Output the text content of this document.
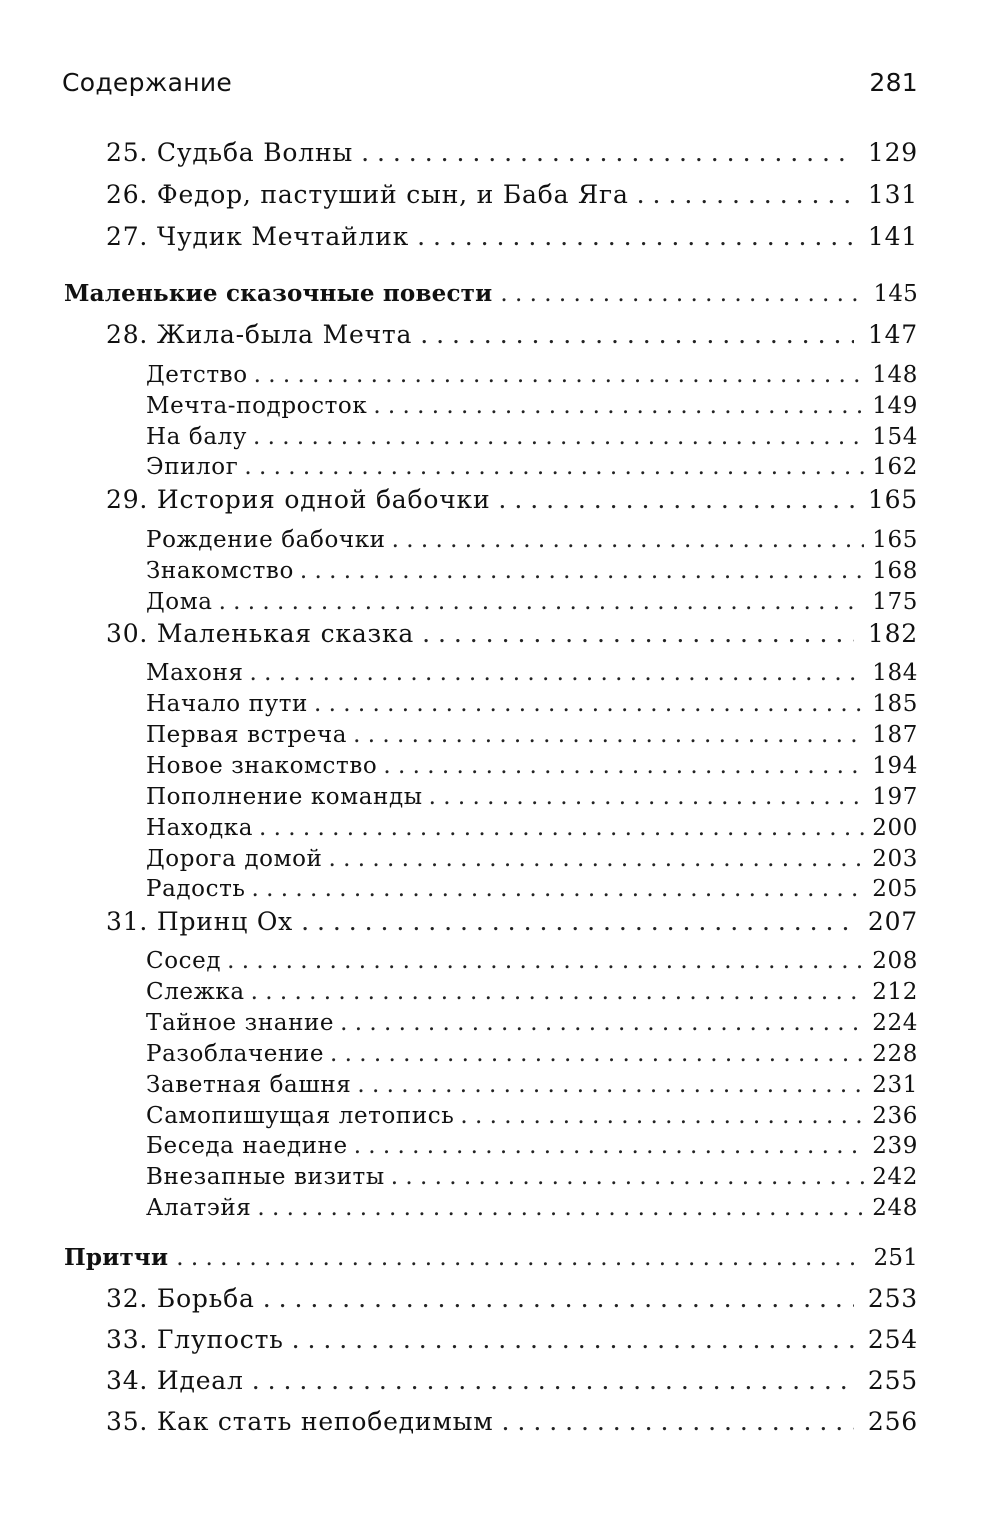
Содержание	281
25. Судьба Волны . . .	129
26. Федор, пастуший сын, и Баба Яга . . .	131
27. Чудик Мечтайлик . . .	141
Маленькие сказочные повести . . .	145
28. Жила-была Мечта . . .	147
Детство . . .	148
Мечта-подросток . . .	149
На балу . . .	154
Эпилог . . .	162
29. История одной бабочки . . .	165
Рождение бабочки . . .	165
Знакомство . . .	168
Дома . . .	175
30. Маленькая сказка . . .	182
Махоня . . .	184
Начало пути . . .	185
Первая встреча . . .	187
Новое знакомство . . .	194
Пополнение команды . . .	197
Находка . . .	200
Дорога домой . . .	203
Радость . . .	205
31. Принц Ох . . .	207
Сосед . . .	208
Слежка . . .	212
Тайное знание . . .	224
Разоблачение . . .	228
Заветная башня . . .	231
Самопишущая летопись . . .	236
Беседа наедине . . .	239
Внезапные визиты . . .	242
Алатэйя . . .	248
Притчи . . .	251
32. Борьба . . .	253
33. Глупость . . .	254
34. Идеал . . .	255
35. Как стать непобедимым . . .	256
